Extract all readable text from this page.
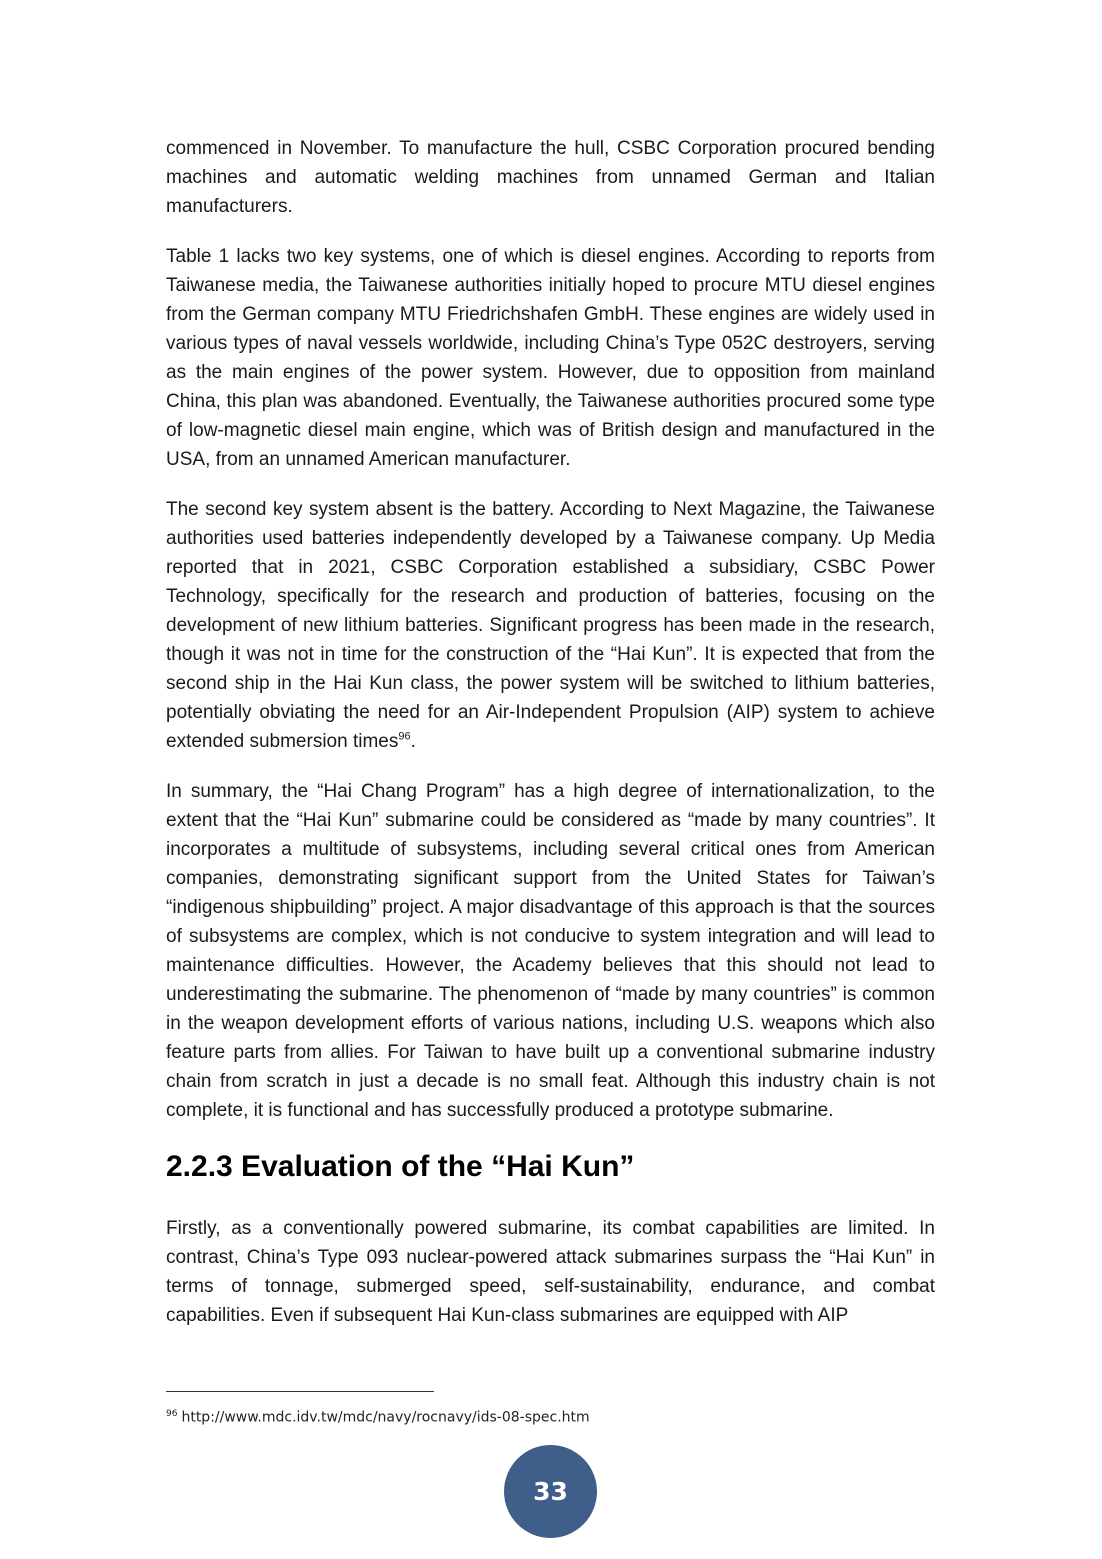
commenced in November. To manufacture the hull, CSBC Corporation procured bending machines and automatic welding machines from unnamed German and Italian manufacturers.

Table 1 lacks two key systems, one of which is diesel engines. According to reports from Taiwanese media, the Taiwanese authorities initially hoped to procure MTU diesel engines from the German company MTU Friedrichshafen GmbH. These engines are widely used in various types of naval vessels worldwide, including China’s Type 052C destroyers, serving as the main engines of the power system. However, due to opposition from mainland China, this plan was abandoned. Eventually, the Taiwanese authorities procured some type of low-magnetic diesel main engine, which was of British design and manufactured in the USA, from an unnamed American manufacturer.

The second key system absent is the battery. According to Next Magazine, the Taiwanese authorities used batteries independently developed by a Taiwanese company. Up Media reported that in 2021, CSBC Corporation established a subsidiary, CSBC Power Technology, specifically for the research and production of batteries, focusing on the development of new lithium batteries. Significant progress has been made in the research, though it was not in time for the construction of the “Hai Kun”. It is expected that from the second ship in the Hai Kun class, the power system will be switched to lithium batteries, potentially obviating the need for an Air-Independent Propulsion (AIP) system to achieve extended submersion times$^{96}$.

In summary, the “Hai Chang Program” has a high degree of internationalization, to the extent that the “Hai Kun” submarine could be considered as “made by many countries”. It incorporates a multitude of subsystems, including several critical ones from American companies, demonstrating significant support from the United States for Taiwan’s “indigenous shipbuilding” project. A major disadvantage of this approach is that the sources of subsystems are complex, which is not conducive to system integration and will lead to maintenance difficulties. However, the Academy believes that this should not lead to underestimating the submarine. The phenomenon of “made by many countries” is common in the weapon development efforts of various nations, including U.S. weapons which also feature parts from allies. For Taiwan to have built up a conventional submarine industry chain from scratch in just a decade is no small feat. Although this industry chain is not complete, it is functional and has successfully produced a prototype submarine.

2.2.3 Evaluation of the “Hai Kun”

Firstly, as a conventionally powered submarine, its combat capabilities are limited. In contrast, China’s Type 093 nuclear-powered attack submarines surpass the “Hai Kun” in terms of tonnage, submerged speed, self-sustainability, endurance, and combat capabilities. Even if subsequent Hai Kun-class submarines are equipped with AIP

$^{96}$ http://www.mdc.idv.tw/mdc/navy/rocnavy/ids-08-spec.htm
33
